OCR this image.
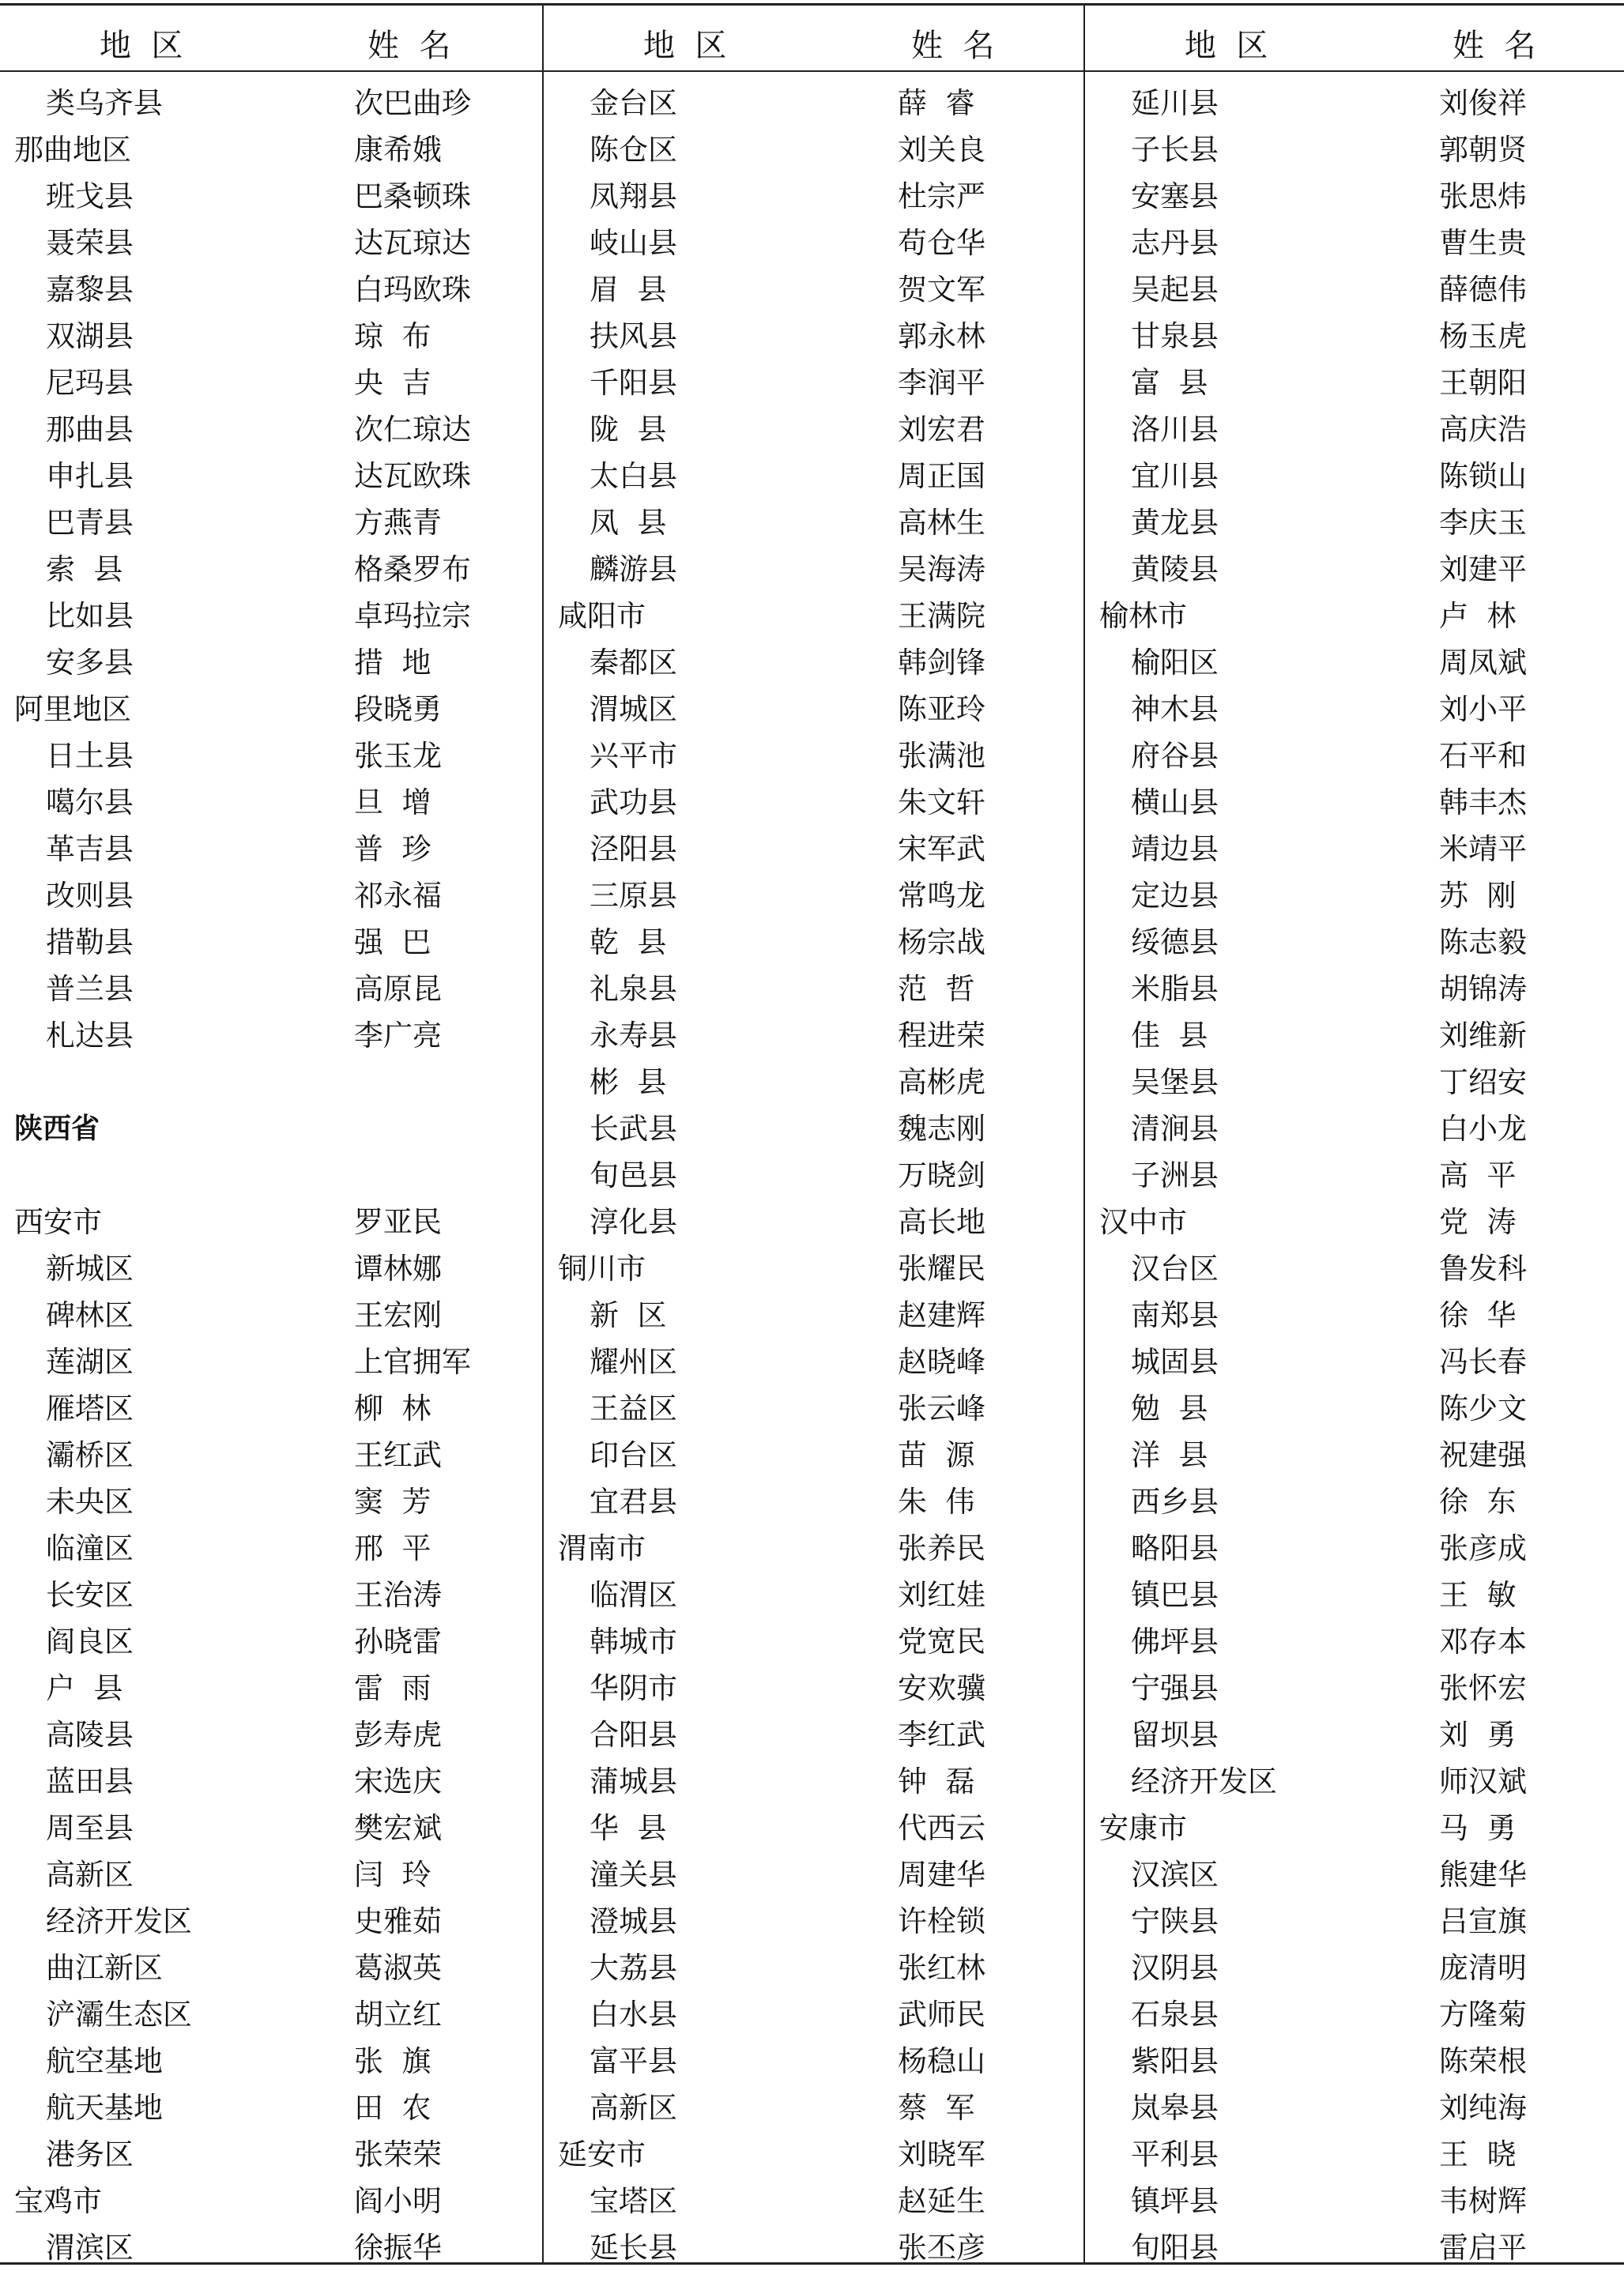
地  区	姓  名
类乌齐县	次巴曲珍
那曲地区	康希娥
班戈县	巴桑顿珠
聂荣县	达瓦琼达
嘉黎县	白玛欧珠
双湖县	琼  布
尼玛县	央  吉
那曲县	次仁琼达
申扎县	达瓦欧珠
巴青县	方燕青
索  县	格桑罗布
比如县	卓玛拉宗
安多县	措  地
阿里地区	段晓勇
日土县	张玉龙
噶尔县	旦  增
革吉县	普  珍
改则县	祁永福
措勒县	强  巴
普兰县	高原昆
札达县	李广亮
陕西省
西安市	罗亚民
新城区	谭林娜
碑林区	王宏刚
莲湖区	上官拥军
雁塔区	柳  林
灞桥区	王红武
未央区	窦  芳
临潼区	邢  平
长安区	王治涛
阎良区	孙晓雷
户  县	雷  雨
高陵县	彭寿虎
蓝田县	宋选庆
周至县	樊宏斌
高新区	闫  玲
经济开发区	史雅茹
曲江新区	葛淑英
浐灞生态区	胡立红
航空基地	张  旗
航天基地	田  农
港务区	张荣荣
宝鸡市	阎小明
渭滨区	徐振华
地  区	姓  名
金台区	薛  睿
陈仓区	刘关良
凤翔县	杜宗严
岐山县	苟仓华
眉  县	贺文军
扶风县	郭永林
千阳县	李润平
陇  县	刘宏君
太白县	周正国
凤  县	高林生
麟游县	吴海涛
咸阳市	王满院
秦都区	韩剑锋
渭城区	陈亚玲
兴平市	张满池
武功县	朱文轩
泾阳县	宋军武
三原县	常鸣龙
乾  县	杨宗战
礼泉县	范  哲
永寿县	程进荣
彬  县	高彬虎
长武县	魏志刚
旬邑县	万晓剑
淳化县	高长地
铜川市	张耀民
新  区	赵建辉
耀州区	赵晓峰
王益区	张云峰
印台区	苗  源
宜君县	朱  伟
渭南市	张养民
临渭区	刘红娃
韩城市	党宽民
华阴市	安欢骥
合阳县	李红武
蒲城县	钟  磊
华  县	代西云
潼关县	周建华
澄城县	许栓锁
大荔县	张红林
白水县	武师民
富平县	杨稳山
高新区	蔡  军
延安市	刘晓军
宝塔区	赵延生
延长县	张丕彦
地  区	姓  名
延川县	刘俊祥
子长县	郭朝贤
安塞县	张思炜
志丹县	曹生贵
吴起县	薛德伟
甘泉县	杨玉虎
富  县	王朝阳
洛川县	高庆浩
宜川县	陈锁山
黄龙县	李庆玉
黄陵县	刘建平
榆林市	卢  林
榆阳区	周凤斌
神木县	刘小平
府谷县	石平和
横山县	韩丰杰
靖边县	米靖平
定边县	苏  刚
绥德县	陈志毅
米脂县	胡锦涛
佳  县	刘维新
吴堡县	丁绍安
清涧县	白小龙
子洲县	高  平
汉中市	党  涛
汉台区	鲁发科
南郑县	徐  华
城固县	冯长春
勉  县	陈少文
洋  县	祝建强
西乡县	徐  东
略阳县	张彦成
镇巴县	王  敏
佛坪县	邓存本
宁强县	张怀宏
留坝县	刘  勇
经济开发区	师汉斌
安康市	马  勇
汉滨区	熊建华
宁陕县	吕宣旗
汉阴县	庞清明
石泉县	方隆菊
紫阳县	陈荣根
岚皋县	刘纯海
平利县	王  晓
镇坪县	韦树辉
旬阳县	雷启平
